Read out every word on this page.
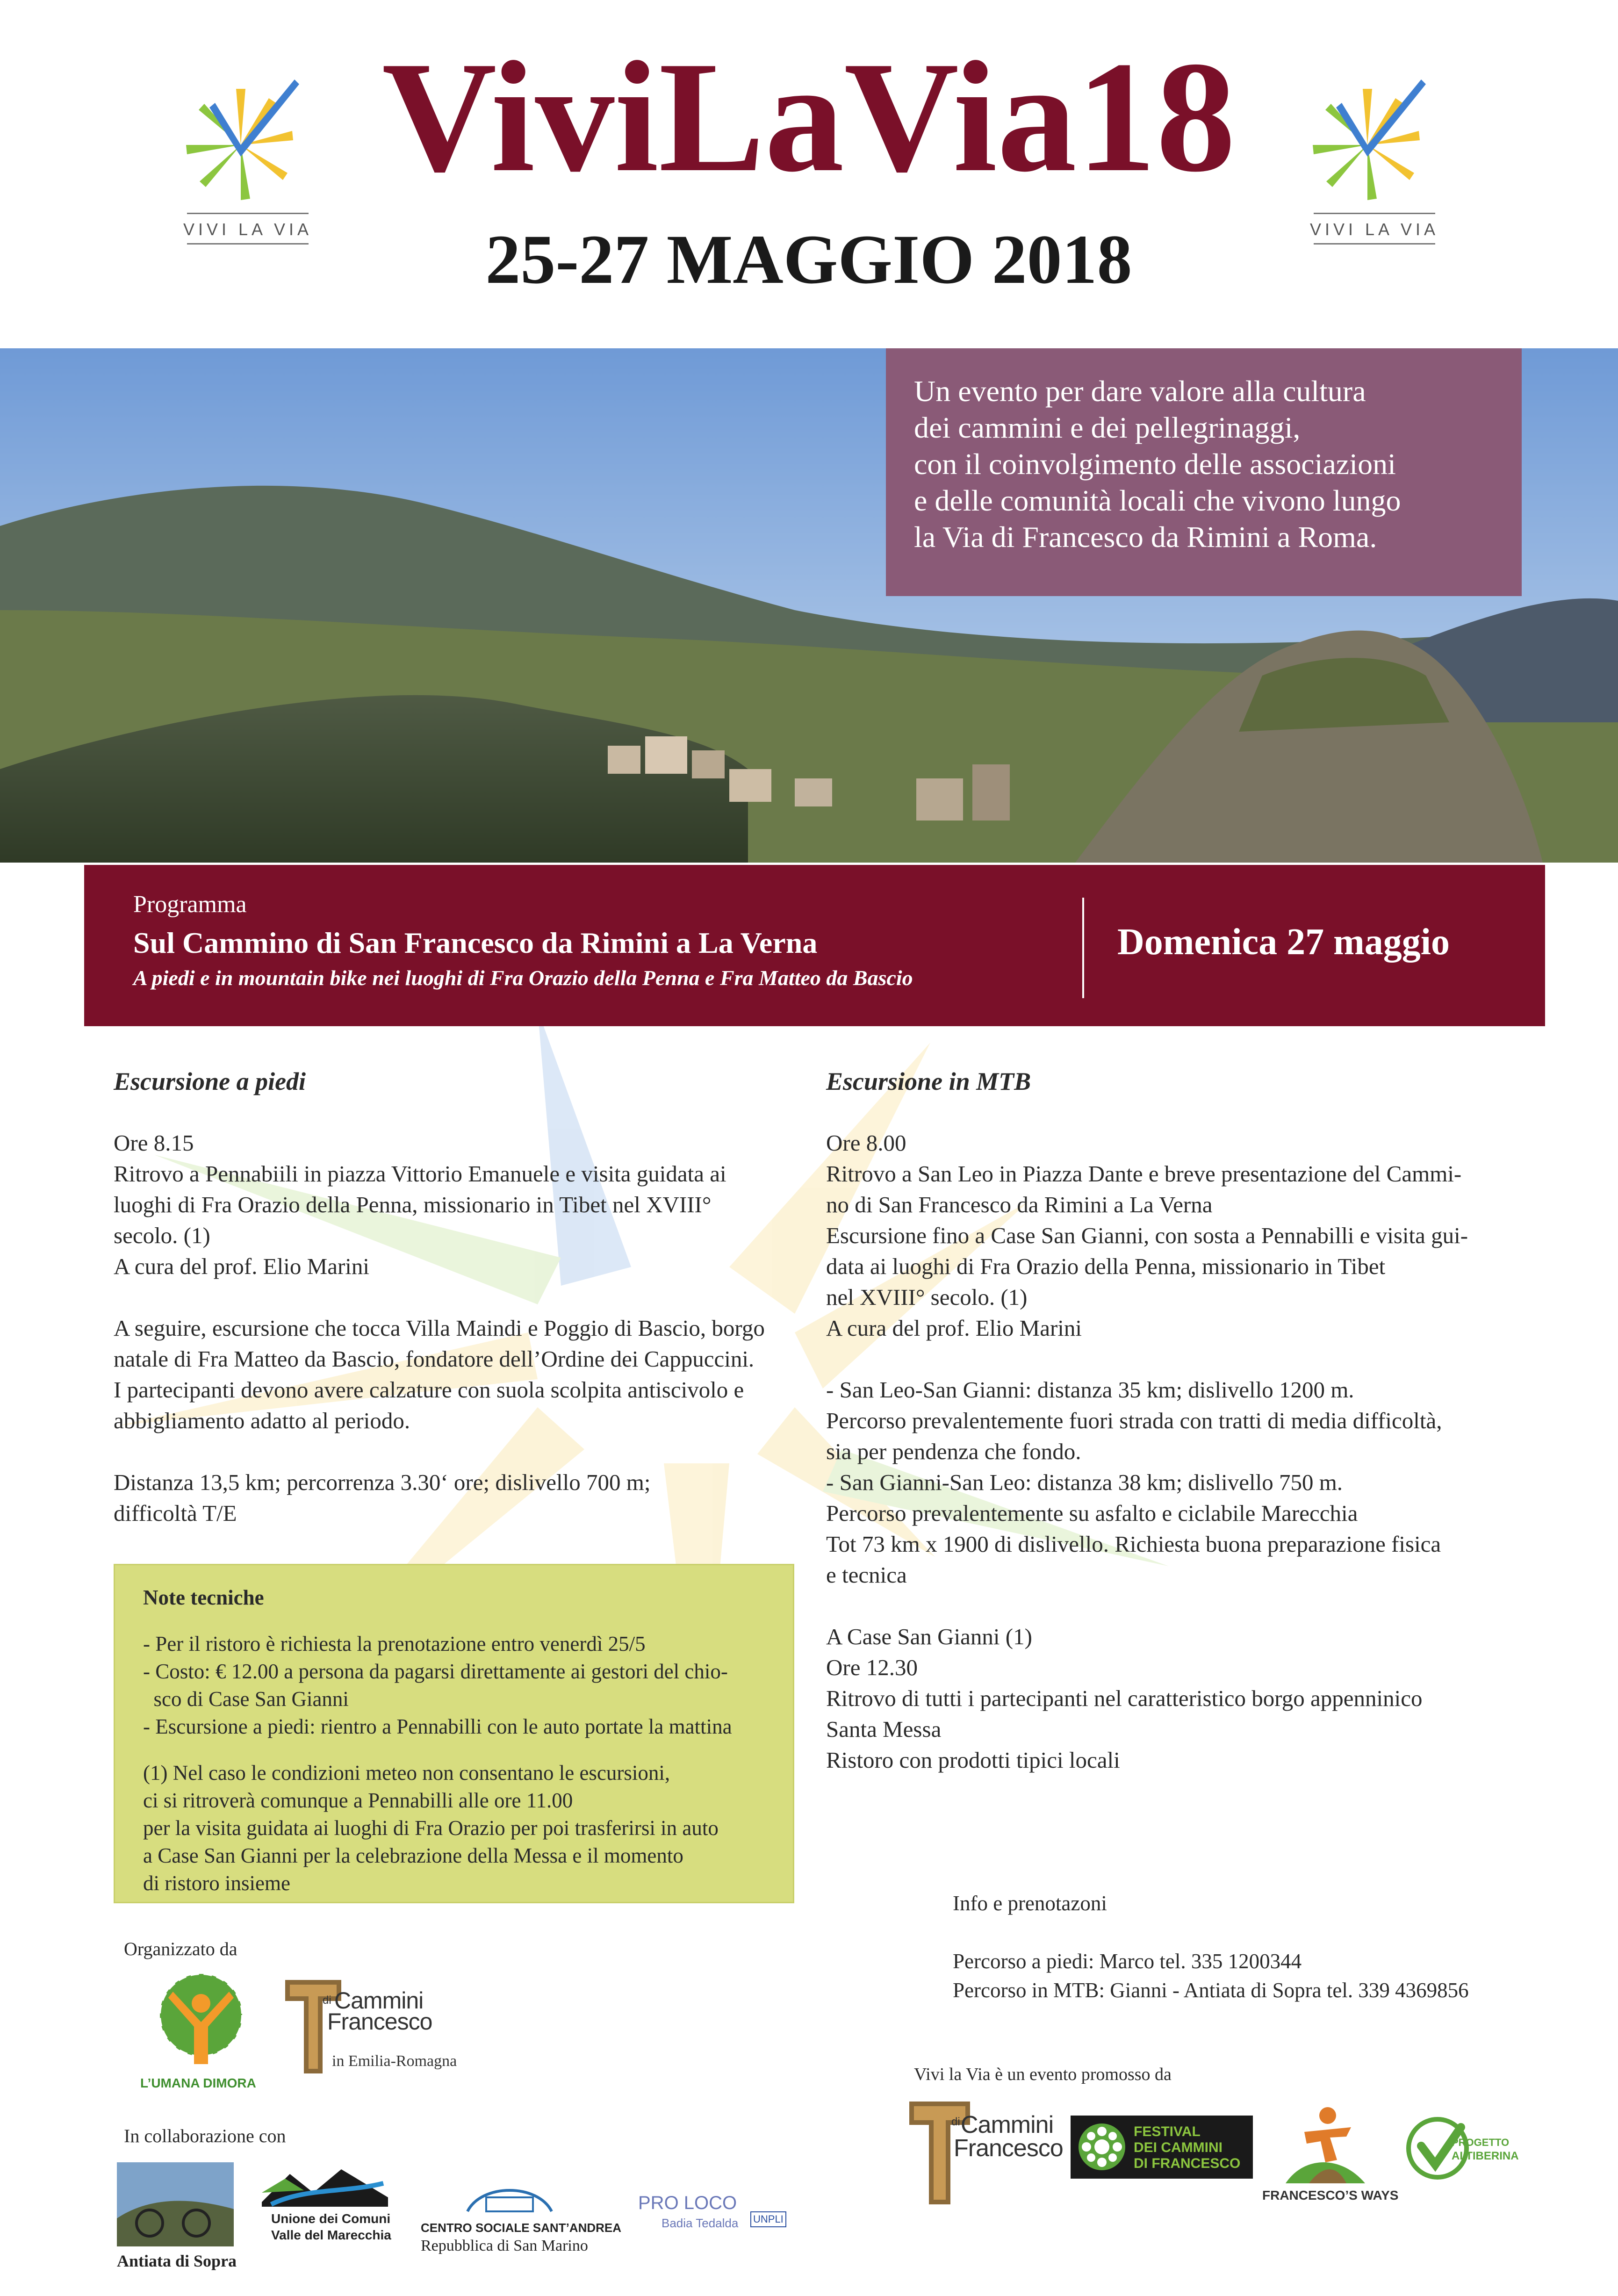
VIVI LA VIA	VIVI LA VIA
ViviLaVia18
25-27 MAGGIO 2018
Un evento per dare valore alla cultura
dei cammini e dei pellegrinaggi,
con il coinvolgimento delle associazioni
e delle comunità locali che vivono lungo
la Via di Francesco da Rimini a Roma.
Programma
Sul Cammino di San Francesco da Rimini a La Verna
A piedi e in mountain bike nei luoghi di Fra Orazio della Penna e Fra Matteo da Bascio
Domenica 27 maggio

Escursione a piedi

Ore 8.15

Ritrovo a Pennabiili in piazza Vittorio Emanuele e visita guidata ai

luoghi di Fra Orazio della Penna, missionario in Tibet nel XVIII°

secolo. (1)

A cura del prof. Elio Marini

A seguire, escursione che tocca Villa Maindi e Poggio di Bascio, borgo

natale di Fra Matteo da Bascio, fondatore dell’Ordine dei Cappuccini.

I partecipanti devono avere calzature con suola scolpita antiscivolo e

abbigliamento adatto al periodo.

Distanza 13,5 km; percorrenza 3.30‘ ore; dislivello 700 m;

difficoltà T/E

Note tecniche

- Per il ristoro è richiesta la prenotazione entro venerdì 25/5

- Costo: € 12.00 a persona da pagarsi direttamente ai gestori del chio-

sco di Case San Gianni

- Escursione a piedi: rientro a Pennabilli con le auto portate la mattina

(1) Nel caso le condizioni meteo non consentano le escursioni,

ci si ritroverà comunque a Pennabilli alle ore 11.00

per la visita guidata ai luoghi di Fra Orazio per poi trasferirsi in auto

a Case San Gianni per la celebrazione della Messa e il momento

di ristoro insieme

Escursione in MTB

Ore 8.00

Ritrovo a San Leo in Piazza Dante e breve presentazione del Cammi-

no di San Francesco da Rimini a La Verna

Escursione fino a Case San Gianni, con sosta a Pennabilli e visita gui-

data ai luoghi di Fra Orazio della Penna, missionario in Tibet

nel XVIII° secolo. (1)

A cura del prof. Elio Marini

- San Leo-San Gianni: distanza 35 km; dislivello 1200 m.

Percorso prevalentemente fuori strada con tratti di media difficoltà,

sia per pendenza che fondo.

- San Gianni-San Leo: distanza 38 km; dislivello 750 m.

Percorso prevalentemente su asfalto e ciclabile Marecchia

Tot 73 km x 1900 di dislivello. Richiesta buona preparazione fisica

e tecnica

A Case San Gianni (1)

Ore 12.30

Ritrovo di tutti i partecipanti nel caratteristico borgo appenninico

Santa Messa

Ristoro con prodotti tipici locali

Info e prenotazoni

Percorso a piedi: Marco tel. 335 1200344

Percorso in MTB: Gianni - Antiata di Sopra tel. 339 4369856

Organizzato da
L’UMANA DIMORA
di Cammini
Francesco
in Emilia-Romagna
In collaborazione con
Antiata di Sopra
Unione dei Comuni
Valle del Marecchia CENTRO SOCIALE SANT’ANDREA
Repubblica di San Marino
PRO LOCO
Badia Tedalda UNPLI
Vivi la Via è un evento promosso da
di Cammini
Francesco
FESTIVAL
DEI CAMMINI
DI FRANCESCO
FRANCESCO’S WAYS
PROGETTO
ALTIBERINA
